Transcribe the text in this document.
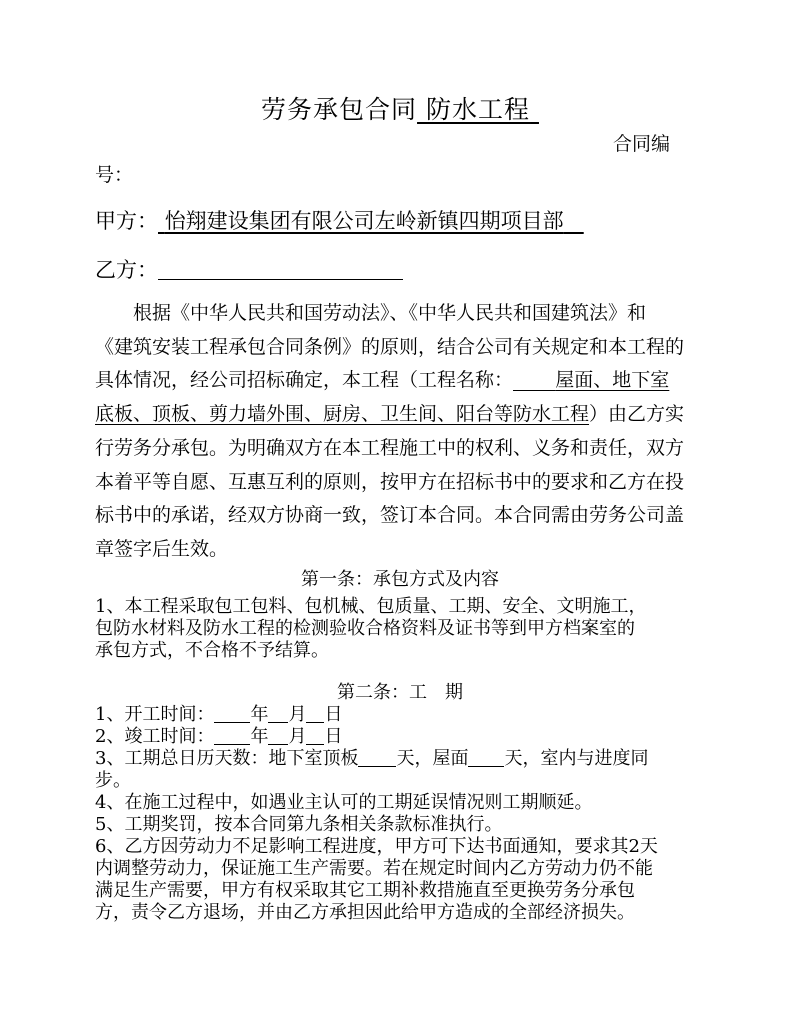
劳务承包合同 防水工程
合同编
号：
甲方： 怡翔建设集团有限公司左岭新镇四期项目部
乙方：
根据《中华人民共和国劳动法》、《中华人民共和国建筑法》和
《建筑安装工程承包合同条例》的原则，结合公司有关规定和本工程的
具体情况，经公司招标确定，本工程（工程名称： 屋面、地下室
底板、顶板、剪力墙外围、厨房、卫生间、阳台等防水工程）由乙方实
行劳务分承包。为明确双方在本工程施工中的权利、义务和责任，双方
本着平等自愿、互惠互利的原则，按甲方在招标书中的要求和乙方在投
标书中的承诺，经双方协商一致，签订本合同。本合同需由劳务公司盖
章签字后生效。
第一条：承包方式及内容
1、本工程采取包工包料、包机械、包质量、工期、安全、文明施工，
包防水材料及防水工程的检测验收合格资料及证书等到甲方档案室的
承包方式，不合格不予结算。
第二条：工　期
1、开工时间： 年 月 日
2、竣工时间： 年 月 日
3、工期总日历天数：地下室顶板 天，屋面 天，室内与进度同
步。
4、在施工过程中，如遇业主认可的工期延误情况则工期顺延。
5、工期奖罚，按本合同第九条相关条款标准执行。
6、乙方因劳动力不足影响工程进度，甲方可下达书面通知，要求其2天
内调整劳动力，保证施工生产需要。若在规定时间内乙方劳动力仍不能
满足生产需要，甲方有权采取其它工期补救措施直至更换劳务分承包
方，责令乙方退场，并由乙方承担因此给甲方造成的全部经济损失。
